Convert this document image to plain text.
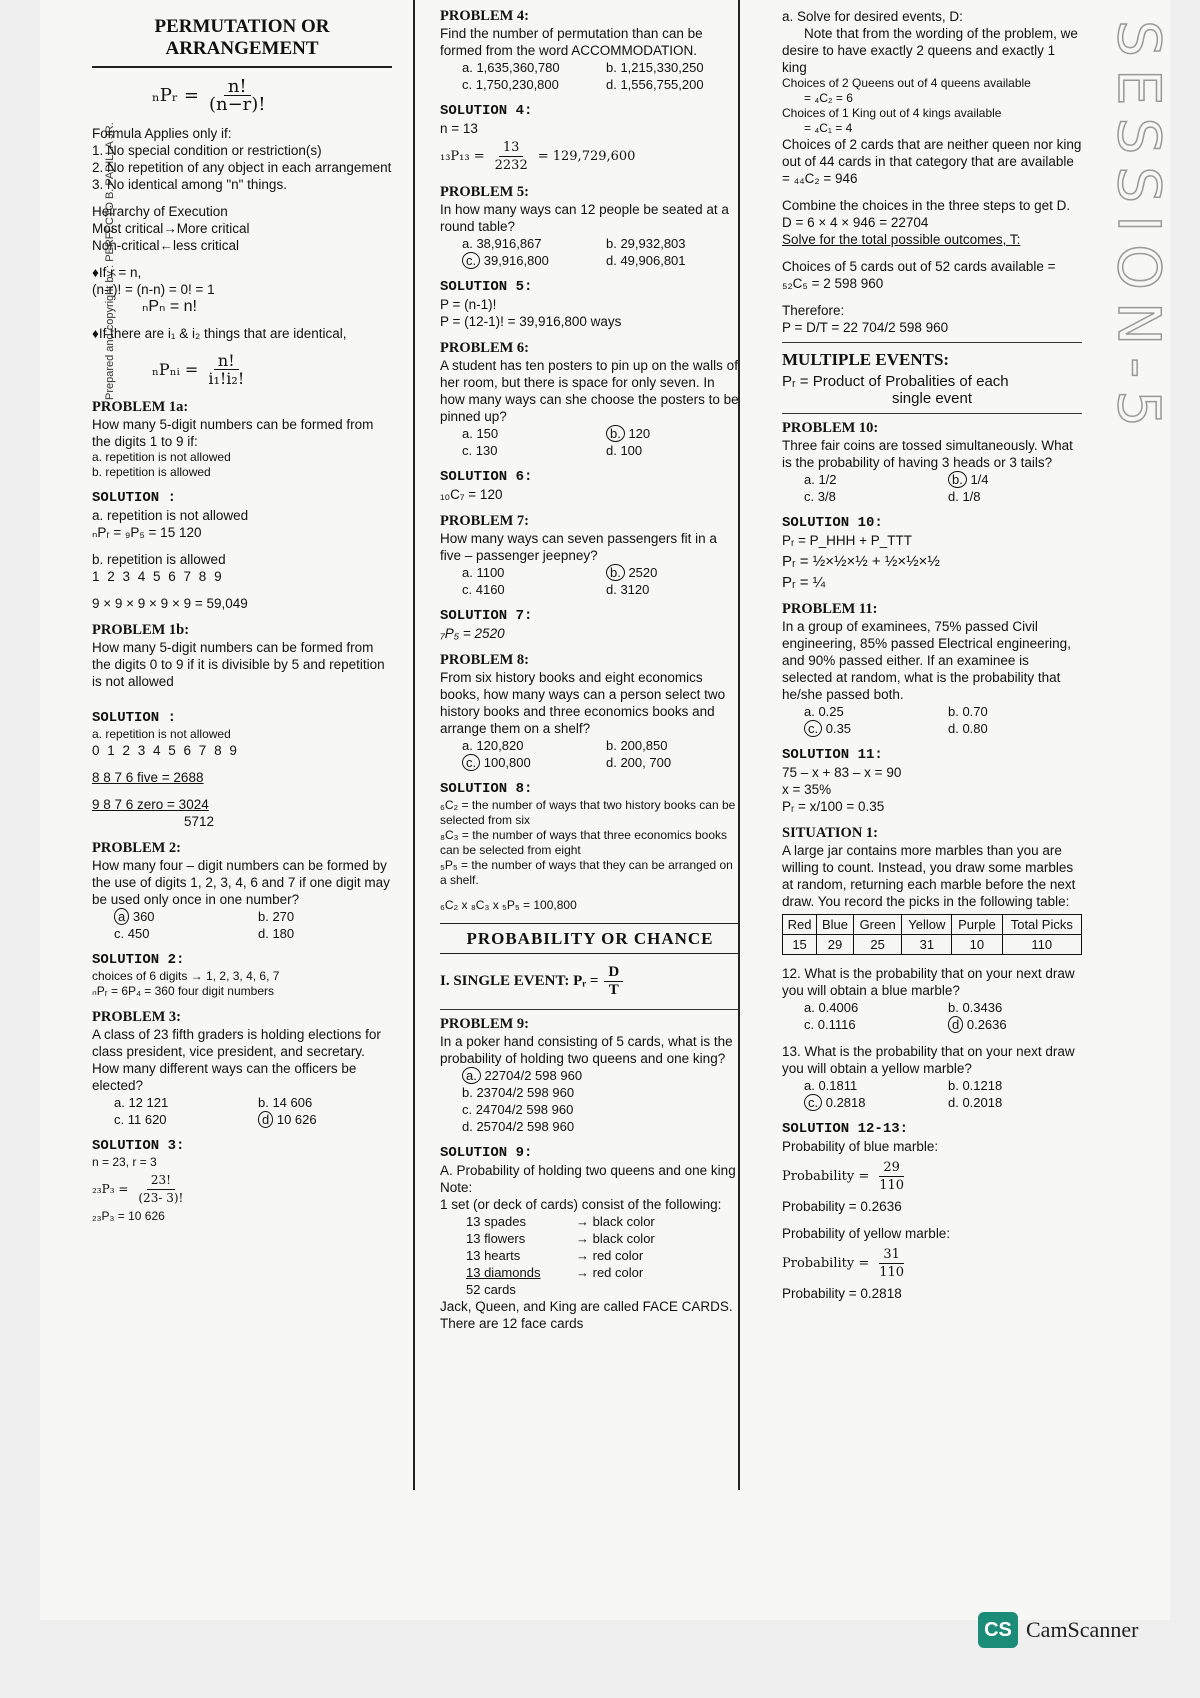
Prepared and copyright by : PERFECTO B. PADILLA JR.	SESSION-5
PERMUTATION OR
ARRANGEMENT
ₙPᵣ = $\frac{n!}{(n-r)!}$

Formula Applies only if:

1. No special condition or restriction(s)

2. No repetition of any object in each arrangement

3. No identical among "n" things.

Heirarchy of Execution

Most critical→More critical

Non-critical←less critical

♦If r = n,

(n-r)! = (n-n) = 0! = 1

ₙPₙ = n!

♦If there are i₁ & i₂ things that are identical,

ₙPₙᵢ = $\frac{n!}{\text{i₁!i₂!}}$

PROBLEM 1a:

How many 5-digit numbers can be formed from the digits 1 to 9 if:

a. repetition is not allowed

b. repetition is allowed

SOLUTION :

a. repetition is not allowed

ₙPᵣ = ₉P₅ = 15 120

b. repetition is allowed

1 2 3 4 5 6 7 8 9

9 × 9 × 9 × 9 × 9 = 59,049

PROBLEM 1b:

How many 5-digit numbers can be formed from the digits 0 to 9 if it is divisible by 5 and repetition is not allowed

SOLUTION :

a. repetition is not allowed

0 1 2 3 4 5 6 7 8 9

8 8 7 6 five = 2688

9 8 7 6 zero = 3024

5712

PROBLEM 2:

How many four – digit numbers can be formed by the use of digits 1, 2, 3, 4, 6 and 7 if one digit may be used only once in one number?

a 360	b. 270
c. 450	d. 180

SOLUTION 2:

choices of 6 digits → 1, 2, 3, 4, 6, 7

ₙPᵣ = 6P₄ = 360 four digit numbers

PROBLEM 3:

A class of 23 fifth graders is holding elections for class president, vice president, and secretary. How many different ways can the officers be elected?

a. 12 121	b. 14 606
c. 11 620	d 10 626

SOLUTION 3:

n = 23, r = 3

$_{23}P_3 = \frac{23!}{(23- 3)!}$

₂₃P₃ = 10 626

PROBLEM 4:

Find the number of permutation than can be formed from the word ACCOMMODATION.

a. 1,635,360,780	b. 1,215,330,250
c. 1,750,230,800	d. 1,556,755,200

SOLUTION 4:

n = 13

$_{13}P_{13} = \frac{13}{2232} = 129,729,600$

PROBLEM 5:

In how many ways can 12 people be seated at a round table?

a. 38,916,867	b. 29,932,803
c. 39,916,800	d. 49,906,801

SOLUTION 5:

P = (n-1)!

P = (12-1)! = 39,916,800 ways

PROBLEM 6:

A student has ten posters to pin up on the walls of her room, but there is space for only seven. In how many ways can she choose the posters to be pinned up?

a. 150	b. 120
c. 130	d. 100

SOLUTION 6:

₁₀C₇ = 120

PROBLEM 7:

How many ways can seven passengers fit in a five – passenger jeepney?

a. 1100	b. 2520
c. 4160	d. 3120

SOLUTION 7:

₇P₅ = 2520

PROBLEM 8:

From six history books and eight economics books, how many ways can a person select two history books and three economics books and arrange them on a shelf?

a. 120,820	b. 200,850
c. 100,800	d. 200, 700

SOLUTION 8:

₆C₂ = the number of ways that two history books can be selected from six

₈C₃ = the number of ways that three economics books can be selected from eight

₅P₅ = the number of ways that they can be arranged on a shelf.

₆C₂ x ₈C₃ x ₅P₅ = 100,800

PROBABILITY OR CHANCE
I. SINGLE EVENT: Pᵣ = $\frac{D}{T}$

PROBLEM 9:

In a poker hand consisting of 5 cards, what is the probability of holding two queens and one king?

a. 22704/2 598 960
b. 23704/2 598 960
c. 24704/2 598 960
d. 25704/2 598 960

SOLUTION 9:

A. Probability of holding two queens and one king

Note:

1 set (or deck of cards) consist of the following:

13 spades	→ black color
13 flowers	→ black color
13 hearts	→ red color
13 diamonds	→ red color

52 cards

Jack, Queen, and King are called FACE CARDS. There are 12 face cards

a. Solve for desired events, D:

Note that from the wording of the problem, we desire to have exactly 2 queens and exactly 1 king

Choices of 2 Queens out of 4 queens available

= ₄C₂ = 6

Choices of 1 King out of 4 kings available

= ₄C₁ = 4

Choices of 2 cards that are neither queen nor king out of 44 cards in that category that are available = ₄₄C₂ = 946

Combine the choices in the three steps to get D.

D = 6 × 4 × 946 = 22704

Solve for the total possible outcomes, T:

Choices of 5 cards out of 52 cards available = ₅₂C₅ = 2 598 960

Therefore:

P = D/T = 22 704/2 598 960

MULTIPLE EVENTS:

Pᵣ = Product of Probalities of each

single event

PROBLEM 10:

Three fair coins are tossed simultaneously. What is the probability of having 3 heads or 3 tails?

a. 1/2	b. 1/4
c. 3/8	d. 1/8

SOLUTION 10:

Pᵣ = P_HHH + P_TTT

Pᵣ = ½×½×½ + ½×½×½

Pᵣ = ¼

PROBLEM 11:

In a group of examinees, 75% passed Civil engineering, 85% passed Electrical engineering, and 90% passed either. If an examinee is selected at random, what is the probability that he/she passed both.

a. 0.25	b. 0.70
c. 0.35	d. 0.80

SOLUTION 11:

75 – x + 83 – x = 90

x = 35%

Pᵣ = x/100 = 0.35

SITUATION 1:

A large jar contains more marbles than you are willing to count. Instead, you draw some marbles at random, returning each marble before the next draw. You record the picks in the following table:

Red	Blue	Green	Yellow	Purple	Total Picks
15	29	25	31	10	110

12. What is the probability that on your next draw you will obtain a blue marble?

a. 0.4006	b. 0.3436
c. 0.1116	d 0.2636

13. What is the probability that on your next draw you will obtain a yellow marble?

a. 0.1811	b. 0.1218
c. 0.2818	d. 0.2018

SOLUTION 12-13:

Probability of blue marble:

Probability = $\frac{29}{110}$

Probability = 0.2636

Probability of yellow marble:

Probability = $\frac{31}{110}$

Probability = 0.2818

CS CamScanner
